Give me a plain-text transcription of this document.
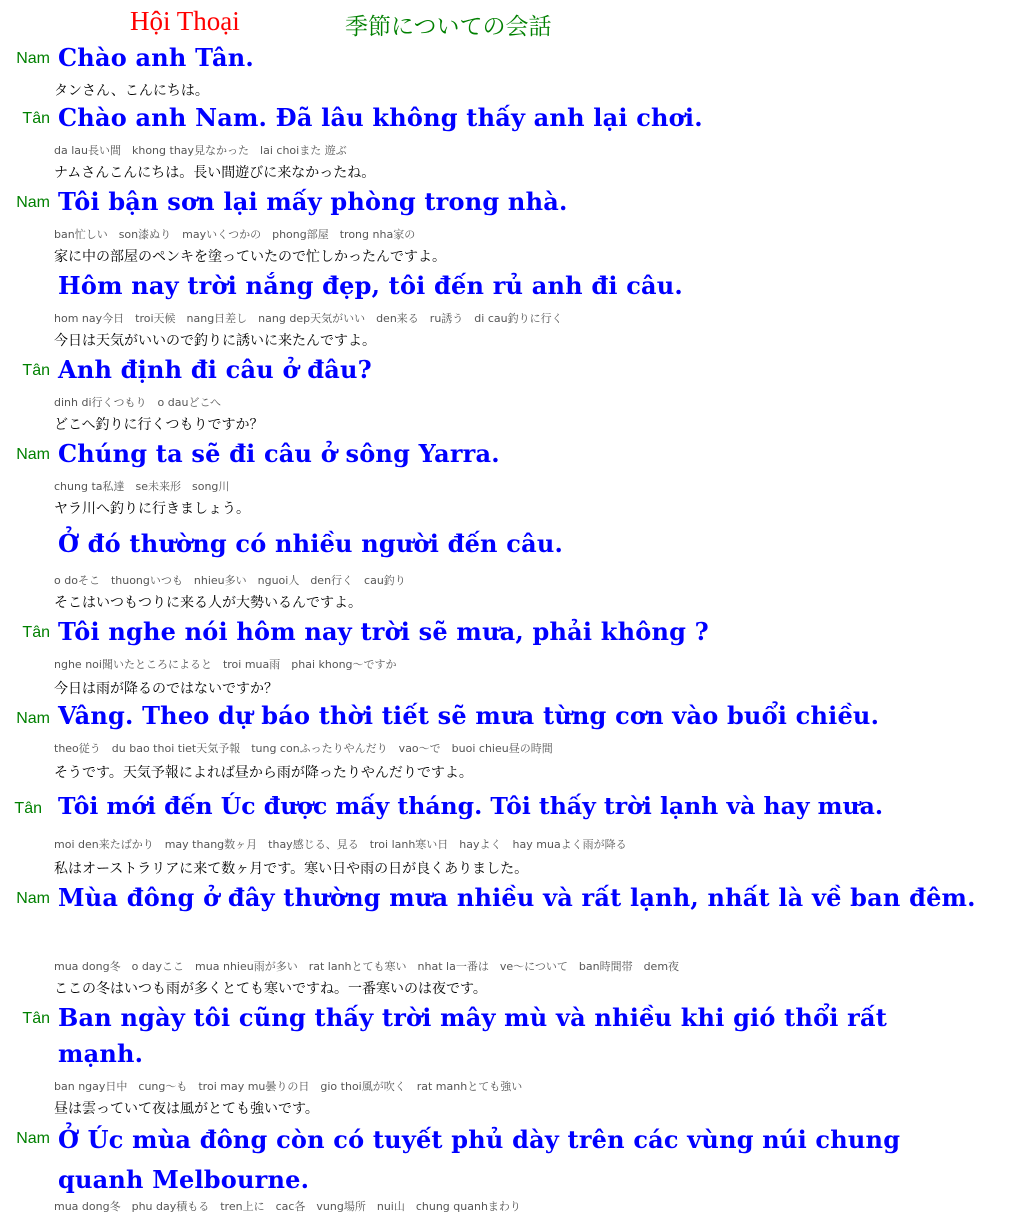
Hội Thoại	季節についての会話
Nam Chào anh Tân.
タンさん、こんにちは。
Tân Chào anh Nam. Đã lâu không thấy anh lại chơi.
da lau長い間　khong thay見なかった　lai choiまた 遊ぶ
ナムさんこんにちは。長い間遊びに来なかったね。
Nam Tôi bận sơn lại mấy phòng trong nhà.
ban忙しい　son漆ぬり　mayいくつかの　phong部屋　trong nha家の
家に中の部屋のペンキを塗っていたので忙しかったんですよ。
Hôm nay trời nắng đẹp, tôi đến rủ anh đi câu.
hom nay今日　troi天候　nang日差し　nang dep天気がいい　den来る　ru誘う　di cau釣りに行く
今日は天気がいいので釣りに誘いに来たんですよ。
Tân Anh định đi câu ở đâu?
dinh di行くつもり　o dauどこへ
どこへ釣りに行くつもりですか？
Nam Chúng ta sẽ đi câu ở sông Yarra.
chung ta私達　se未来形　song川
ヤラ川へ釣りに行きましょう。
Ở đó thường có nhiều người đến câu.
o doそこ　thuongいつも　nhieu多い　nguoi人　den行く　cau釣り
そこはいつもつりに来る人が大勢いるんですよ。
Tân Tôi nghe nói hôm nay trời sẽ mưa, phải không ?
nghe noi聞いたところによると　troi mua雨　phai khong〜ですか
今日は雨が降るのではないですか？
Nam Vâng. Theo dự báo thời tiết sẽ mưa từng cơn vào buổi chiều.
theo従う　du bao thoi tiet天気予報　tung conふったりやんだり　vao〜で　buoi chieu昼の時間
そうです。天気予報によれば昼から雨が降ったりやんだりですよ。
Tân Tôi mới đến Úc được mấy tháng. Tôi thấy trời lạnh và hay mưa.
moi den来たばかり　may thang数ヶ月　thay感じる、見る　troi lanh寒い日　hayよく　hay muaよく雨が降る
私はオーストラリアに来て数ヶ月です。寒い日や雨の日が良くありました。
Nam Mùa đông ở đây thường mưa nhiều và rất lạnh, nhất là về ban đêm.
mua dong冬　o dayここ　mua nhieu雨が多い　rat lanhとても寒い　nhat la一番は　ve〜について　ban時間帯　dem夜
ここの冬はいつも雨が多くとても寒いですね。一番寒いのは夜です。
Tân Ban ngày tôi cũng thấy trời mây mù và nhiều khi gió thổi rất mạnh.
ban ngay日中　cung〜も　troi may mu曇りの日　gio thoi風が吹く　rat manhとても強い
昼は雲っていて夜は風がとても強いです。
Nam Ở Úc mùa đông còn có tuyết phủ dày trên các vùng núi chung quanh Melbourne.
mua dong冬　phu day積もる　tren上に　cac各　vung場所　nui山　chung quanhまわり
